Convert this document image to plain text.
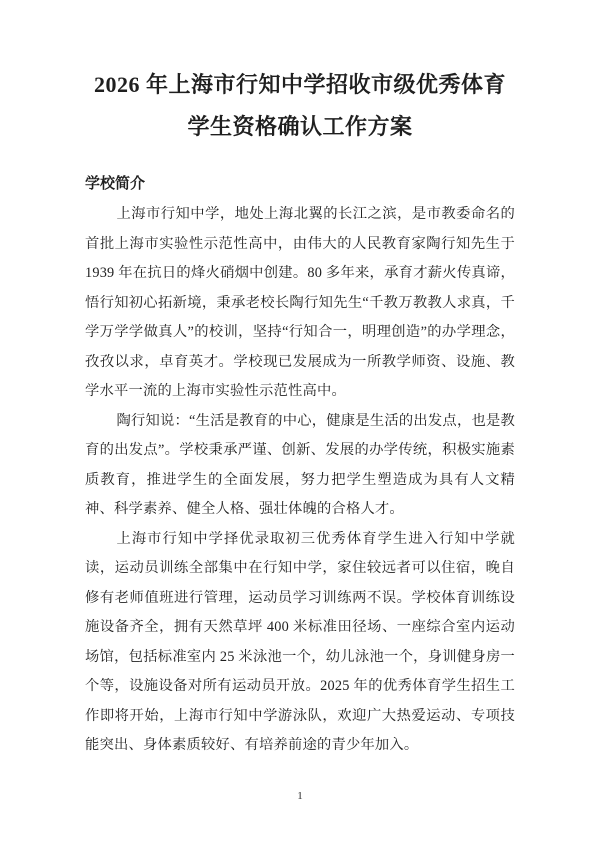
2026 年上海市行知中学招收市级优秀体育
学生资格确认工作方案
学校简介

上海市行知中学，地处上海北翼的长江之滨，是市教委命名的首批上海市实验性示范性高中，由伟大的人民教育家陶行知先生于 1939 年在抗日的烽火硝烟中创建。80 多年来，承育才薪火传真谛，悟行知初心拓新境，秉承老校长陶行知先生“千教万教教人求真，千学万学学做真人”的校训，坚持“行知合一，明理创造”的办学理念，孜孜以求，卓育英才。学校现已发展成为一所教学师资、设施、教学水平一流的上海市实验性示范性高中。

陶行知说：“生活是教育的中心，健康是生活的出发点，也是教育的出发点”。学校秉承严谨、创新、发展的办学传统，积极实施素质教育，推进学生的全面发展，努力把学生塑造成为具有人文精神、科学素养、健全人格、强壮体魄的合格人才。

上海市行知中学择优录取初三优秀体育学生进入行知中学就读，运动员训练全部集中在行知中学，家住较远者可以住宿，晚自修有老师值班进行管理，运动员学习训练两不误。学校体育训练设施设备齐全，拥有天然草坪 400 米标准田径场、一座综合室内运动场馆，包括标准室内 25 米泳池一个，幼儿泳池一个，身训健身房一个等，设施设备对所有运动员开放。2025 年的优秀体育学生招生工作即将开始，上海市行知中学游泳队，欢迎广大热爱运动、专项技能突出、身体素质较好、有培养前途的青少年加入。

1
